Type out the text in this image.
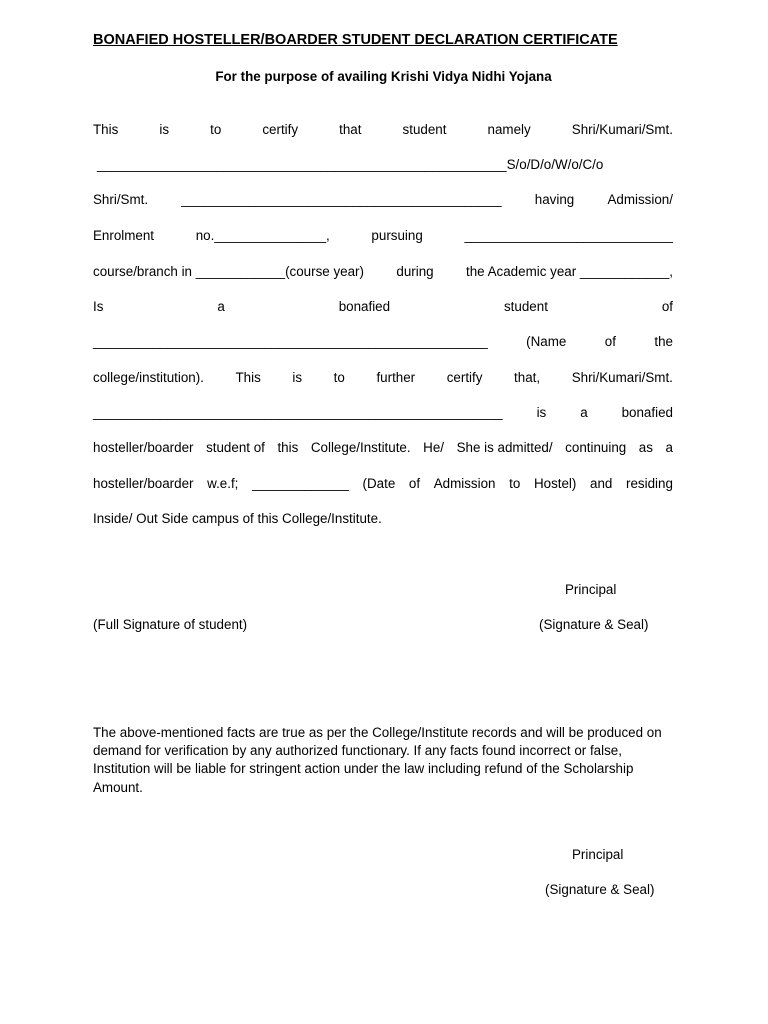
BONAFIED HOSTELLER/BOARDER STUDENT DECLARATION CERTIFICATE
For the purpose of availing Krishi Vidya Nidhi Yojana
This	is	to	certify	that	student	namely	Shri/Kumari/Smt.
_______________________________________________________S/o/D/o/W/o/C/o
Shri/Smt. ___________________________________________ having Admission/
Enrolment	no._______________,	pursuing	____________________________
course/branch in ____________(course year) during the Academic year ____________,
Is	a	bonafied	student	of
_____________________________________________________	(Name	of	the
college/institution). This is to further certify that, Shri/Kumari/Smt.
_______________________________________________________	is	a	bonafied
hosteller/boarder student of this College/Institute. He/ She is admitted/ continuing as a
hosteller/boarder w.e.f; _____________ (Date of Admission to Hostel) and residing
Inside/ Out Side campus of this College/Institute.
Principal
(Full Signature of student)	(Signature & Seal)
The above-mentioned facts are true as per the College/Institute records and will be produced on demand for verification by any authorized functionary. If any facts found incorrect or false, Institution will be liable for stringent action under the law including refund of the Scholarship Amount.
Principal
(Signature & Seal)
